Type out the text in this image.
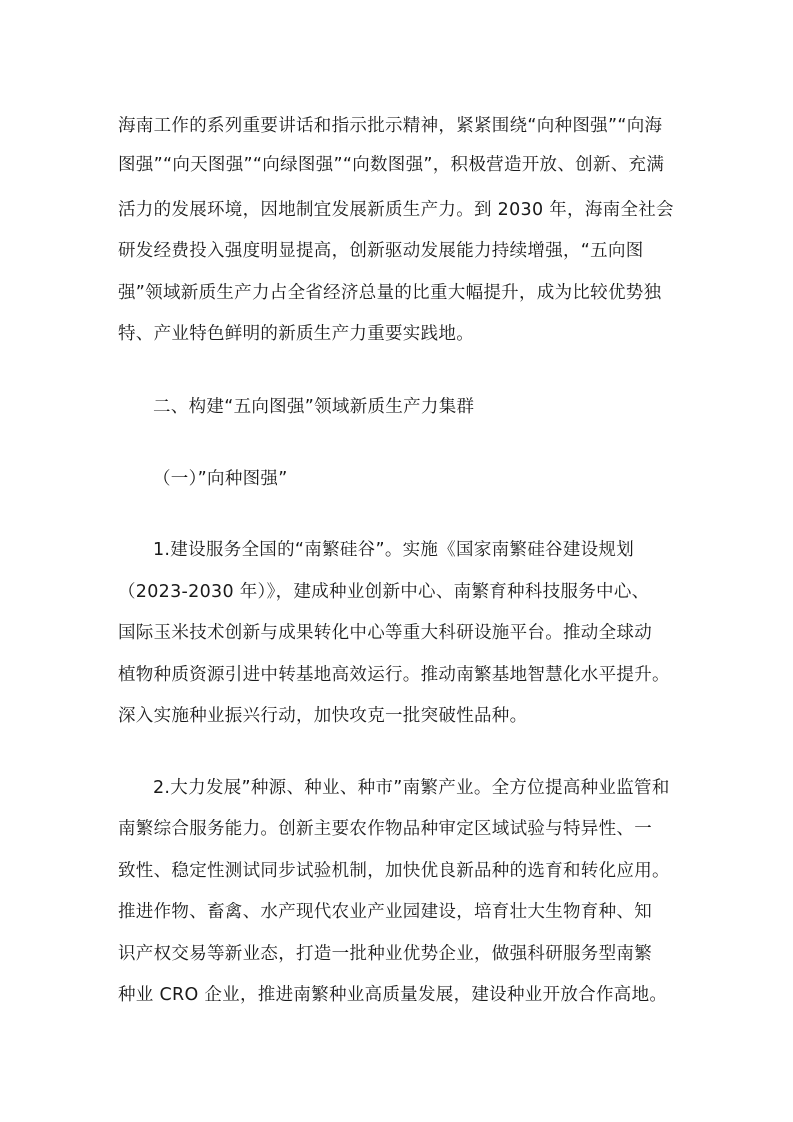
海南工作的系列重要讲话和指示批示精神，紧紧围绕“向种图强”“向海
图强”“向天图强”“向绿图强”“向数图强”，积极营造开放、创新、充满
活力的发展环境，因地制宜发展新质生产力。到 2030 年，海南全社会
研发经费投入强度明显提高，创新驱动发展能力持续增强，“五向图
强”领域新质生产力占全省经济总量的比重大幅提升，成为比较优势独
特、产业特色鲜明的新质生产力重要实践地。
二、构建“五向图强”领域新质生产力集群
（一）”向种图强”
1.建设服务全国的“南繁硅谷”。实施《国家南繁硅谷建设规划
（2023-2030 年）》，建成种业创新中心、南繁育种科技服务中心、
国际玉米技术创新与成果转化中心等重大科研设施平台。推动全球动
植物种质资源引进中转基地高效运行。推动南繁基地智慧化水平提升。
深入实施种业振兴行动，加快攻克一批突破性品种。
2.大力发展”种源、种业、种市”南繁产业。全方位提高种业监管和
南繁综合服务能力。创新主要农作物品种审定区域试验与特异性、一
致性、稳定性测试同步试验机制，加快优良新品种的选育和转化应用。
推进作物、畜禽、水产现代农业产业园建设，培育壮大生物育种、知
识产权交易等新业态，打造一批种业优势企业，做强科研服务型南繁
种业 CRO 企业，推进南繁种业高质量发展，建设种业开放合作高地。
